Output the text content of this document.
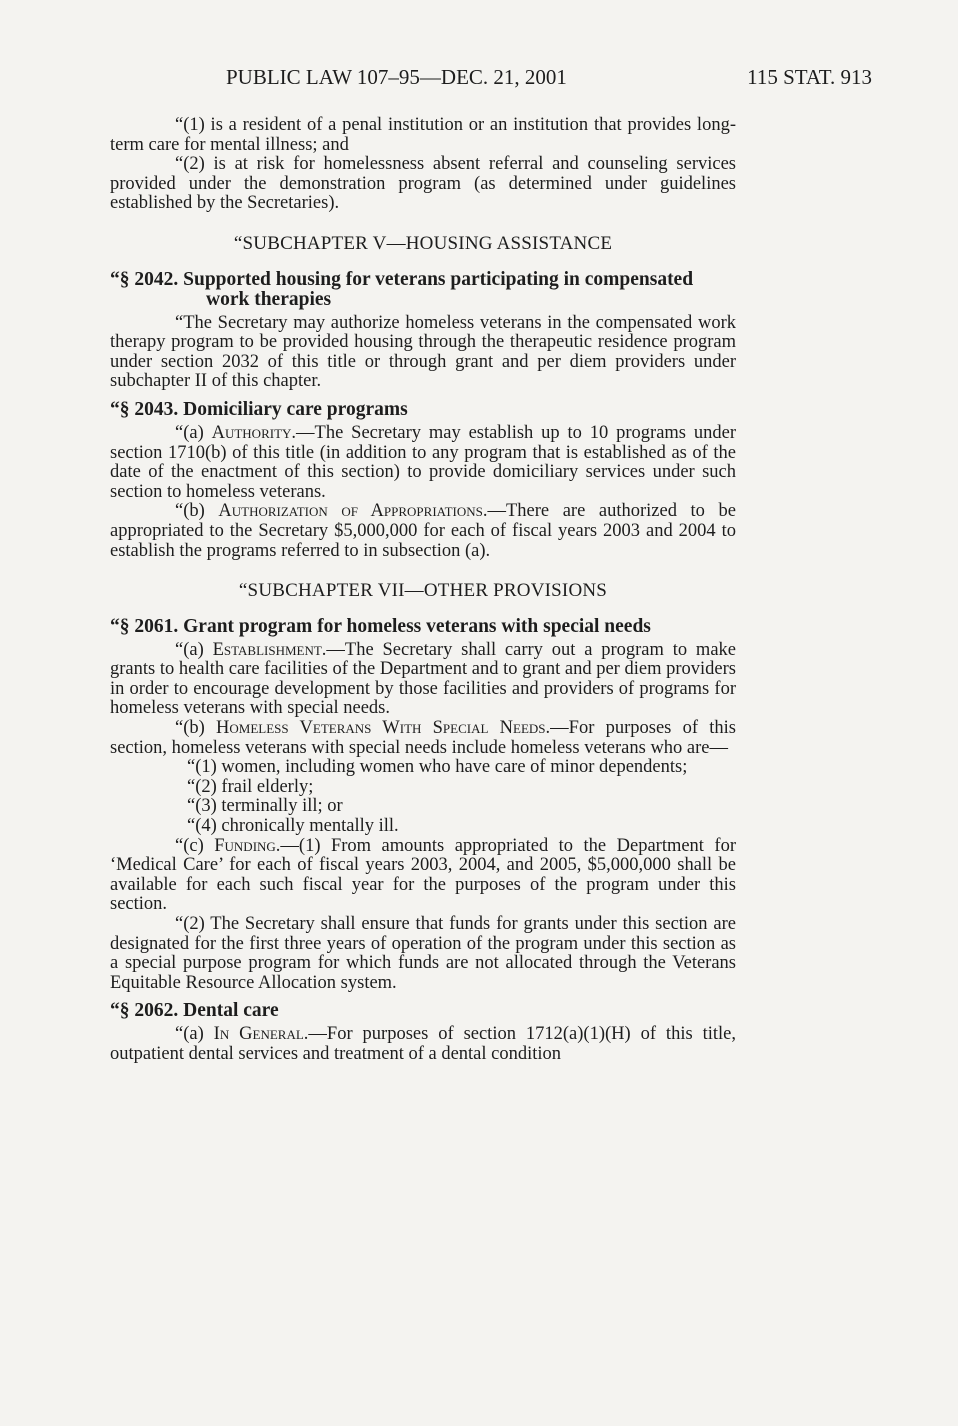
PUBLIC LAW 107–95—DEC. 21, 2001	115 STAT. 913

“(1) is a resident of a penal institution or an institution that provides long-term care for mental illness; and

“(2) is at risk for homelessness absent referral and counseling services provided under the demonstration program (as determined under guidelines established by the Secretaries).

“SUBCHAPTER V—HOUSING ASSISTANCE

“§ 2042. Supported housing for veterans participating in compensated work therapies

“The Secretary may authorize homeless veterans in the compensated work therapy program to be provided housing through the therapeutic residence program under section 2032 of this title or through grant and per diem providers under subchapter II of this chapter.

“§ 2043. Domiciliary care programs

“(a) Authority.—The Secretary may establish up to 10 programs under section 1710(b) of this title (in addition to any program that is established as of the date of the enactment of this section) to provide domiciliary services under such section to homeless veterans.

“(b) Authorization of Appropriations.—There are authorized to be appropriated to the Secretary $5,000,000 for each of fiscal years 2003 and 2004 to establish the programs referred to in subsection (a).

“SUBCHAPTER VII—OTHER PROVISIONS

“§ 2061. Grant program for homeless veterans with special needs

“(a) Establishment.—The Secretary shall carry out a program to make grants to health care facilities of the Department and to grant and per diem providers in order to encourage development by those facilities and providers of programs for homeless veterans with special needs.

“(b) Homeless Veterans With Special Needs.—For purposes of this section, homeless veterans with special needs include homeless veterans who are—

“(1) women, including women who have care of minor dependents;

“(2) frail elderly;

“(3) terminally ill; or

“(4) chronically mentally ill.

“(c) Funding.—(1) From amounts appropriated to the Department for ‘Medical Care’ for each of fiscal years 2003, 2004, and 2005, $5,000,000 shall be available for each such fiscal year for the purposes of the program under this section.

“(2) The Secretary shall ensure that funds for grants under this section are designated for the first three years of operation of the program under this section as a special purpose program for which funds are not allocated through the Veterans Equitable Resource Allocation system.

“§ 2062. Dental care

“(a) In General.—For purposes of section 1712(a)(1)(H) of this title, outpatient dental services and treatment of a dental condition
